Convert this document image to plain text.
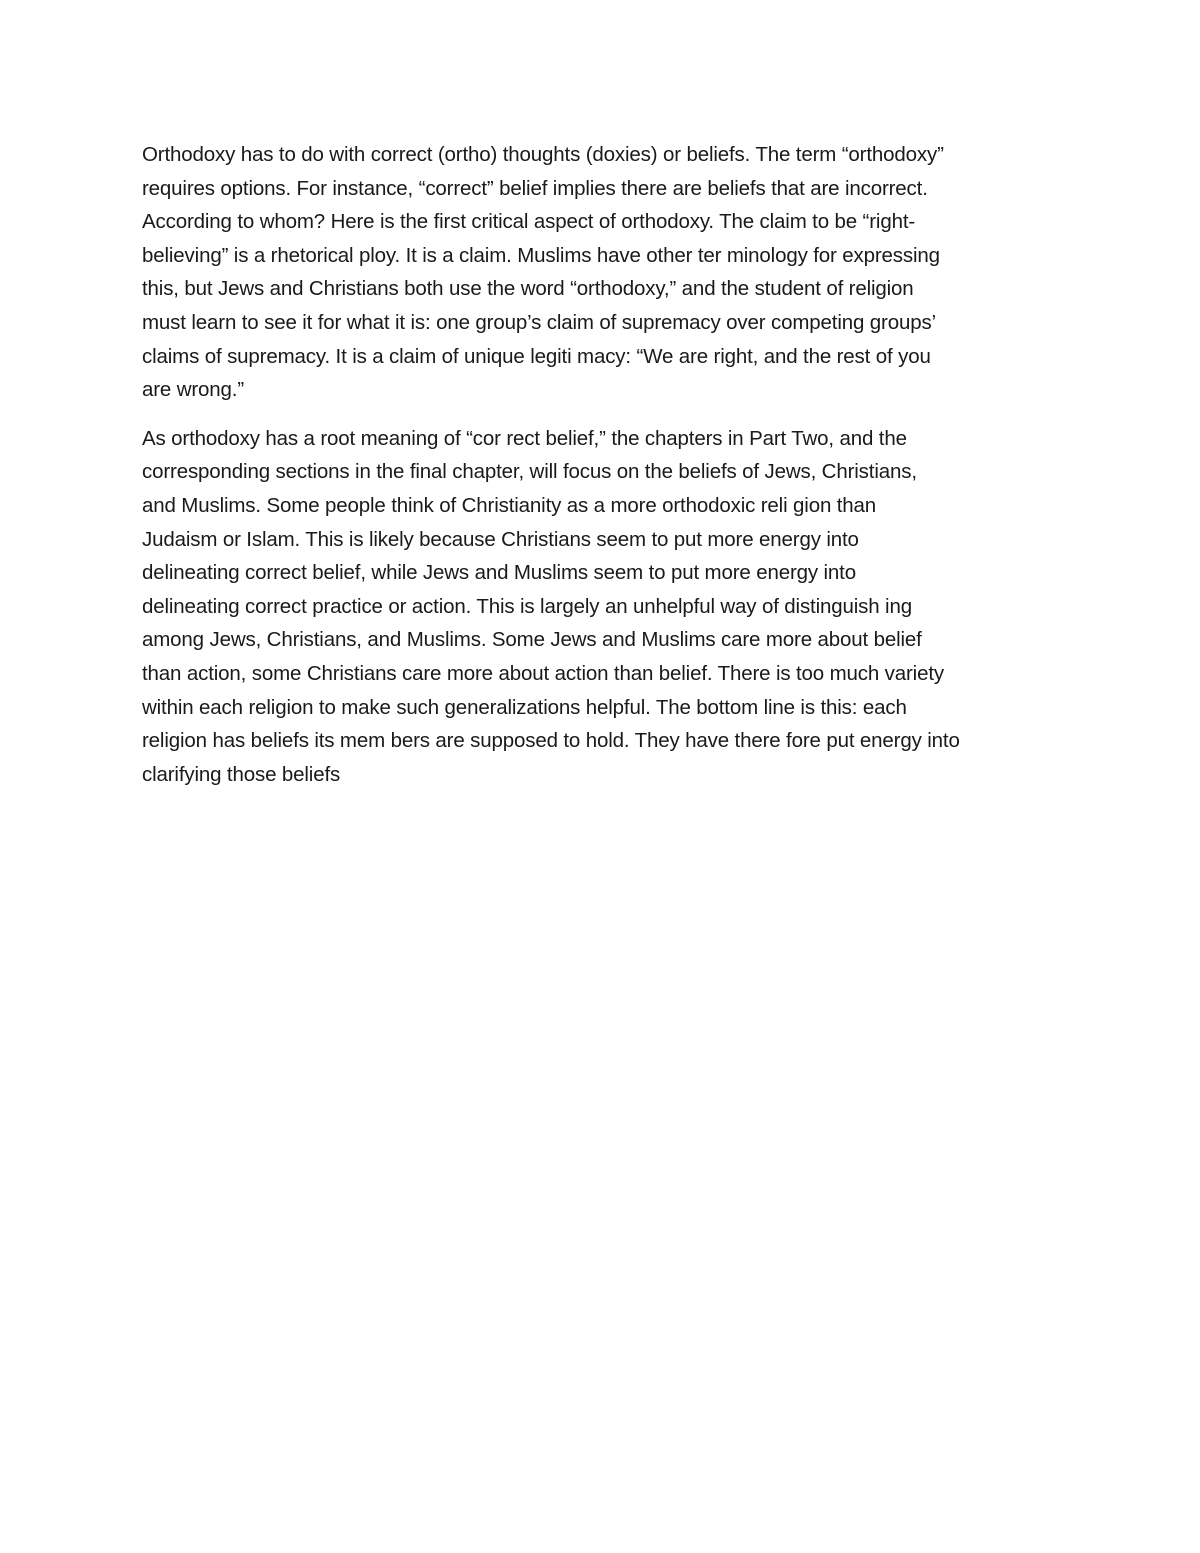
Orthodoxy has to do with correct (ortho) thoughts (doxies) or beliefs. The term “orthodoxy”
requires options. For instance, “correct” belief implies there are beliefs that are incorrect.
According to whom? Here is the first critical aspect of orthodoxy. The claim to be “right-
believing” is a rhetorical ploy. It is a claim. Muslims have other ter minology for expressing
this, but Jews and Christians both use the word “orthodoxy,” and the student of religion
must learn to see it for what it is: one group’s claim of supremacy over competing groups’
claims of supremacy. It is a claim of unique legiti macy: “We are right, and the rest of you
are wrong.”

As orthodoxy has a root meaning of “cor rect belief,” the chapters in Part Two, and the
corresponding sections in the final chapter, will focus on the beliefs of Jews, Christians,
and Muslims. Some people think of Christianity as a more orthodoxic reli gion than
Judaism or Islam. This is likely because Christians seem to put more energy into
delineating correct belief, while Jews and Muslims seem to put more energy into
delineating correct practice or action. This is largely an unhelpful way of distinguish ing
among Jews, Christians, and Muslims. Some Jews and Muslims care more about belief
than action, some Christians care more about action than belief. There is too much variety
within each religion to make such generalizations helpful. The bottom line is this: each
religion has beliefs its mem bers are supposed to hold. They have there fore put energy into
clarifying those beliefs
